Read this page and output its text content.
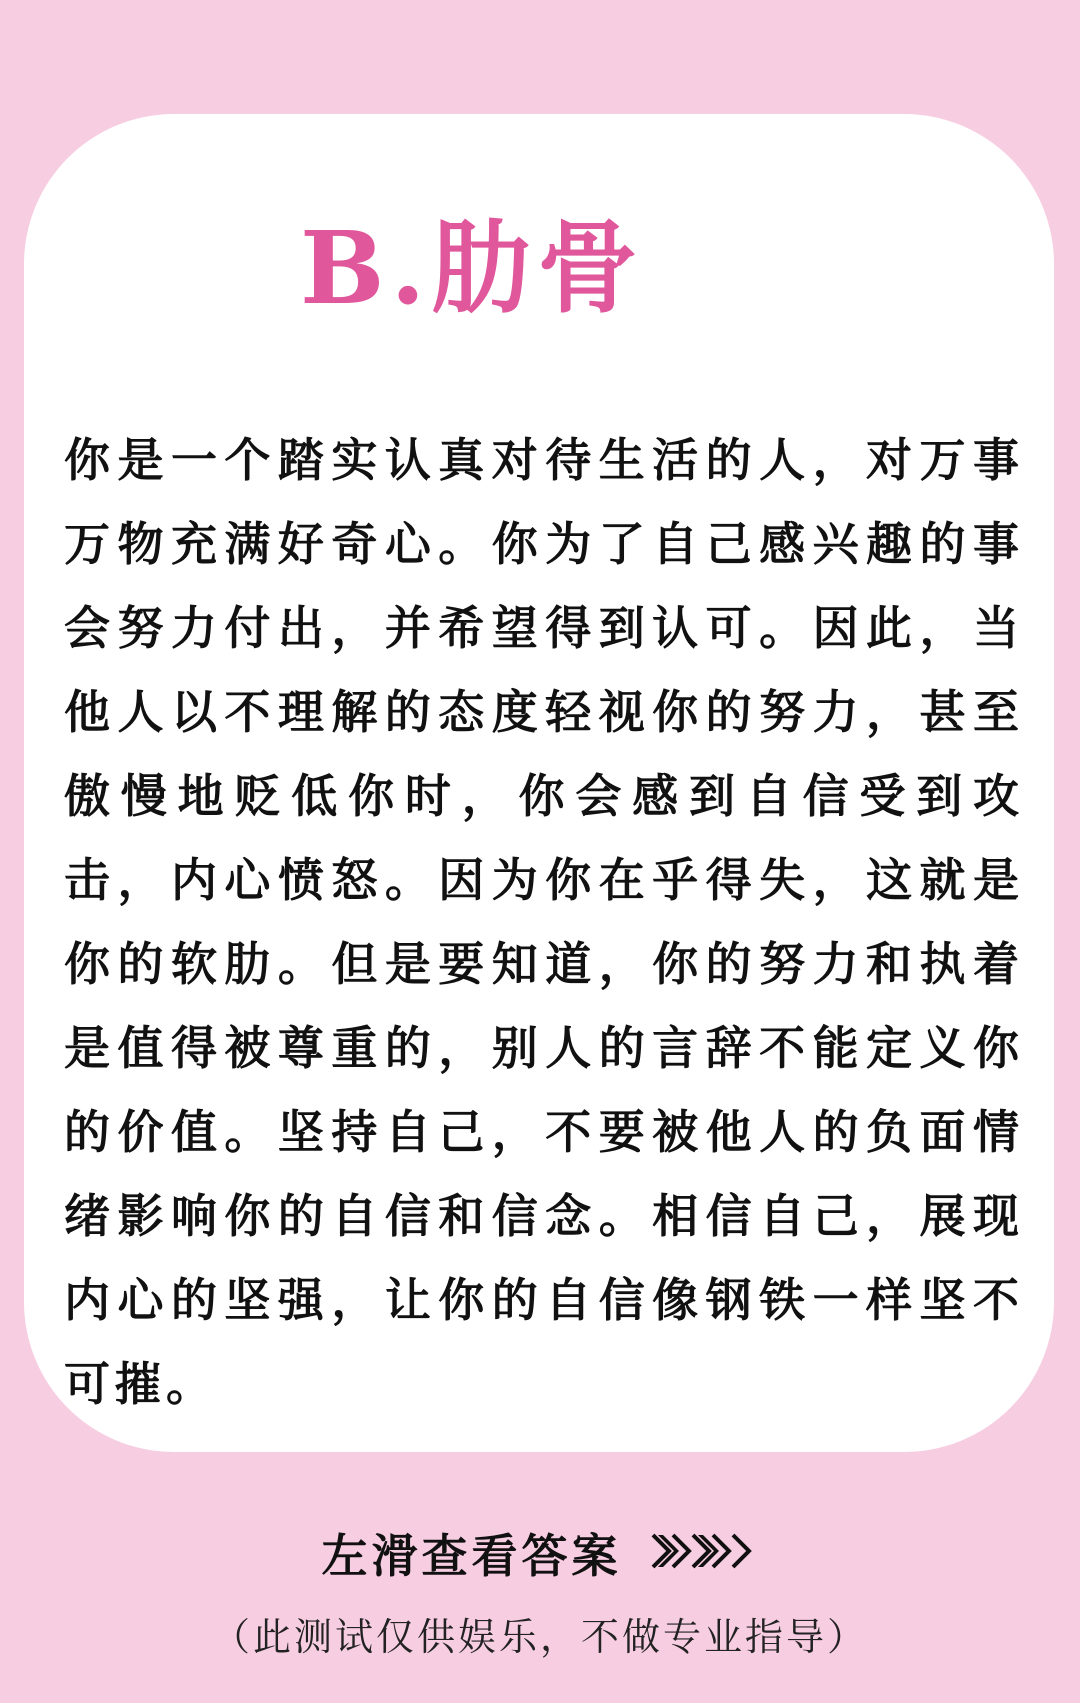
B.肋骨

你是一个踏实认真对待生活的人，对万事万物充满好奇心。你为了自己感兴趣的事会努力付出，并希望得到认可。因此，当他人以不理解的态度轻视你的努力，甚至傲慢地贬低你时，你会感到自信受到攻击，内心愤怒。因为你在乎得失，这就是你的软肋。但是要知道，你的努力和执着是值得被尊重的，别人的言辞不能定义你的价值。坚持自己，不要被他人的负面情绪影响你的自信和信念。相信自己，展现内心的坚强，让你的自信像钢铁一样坚不可摧。

左滑查看答案
（此测试仅供娱乐，不做专业指导）
